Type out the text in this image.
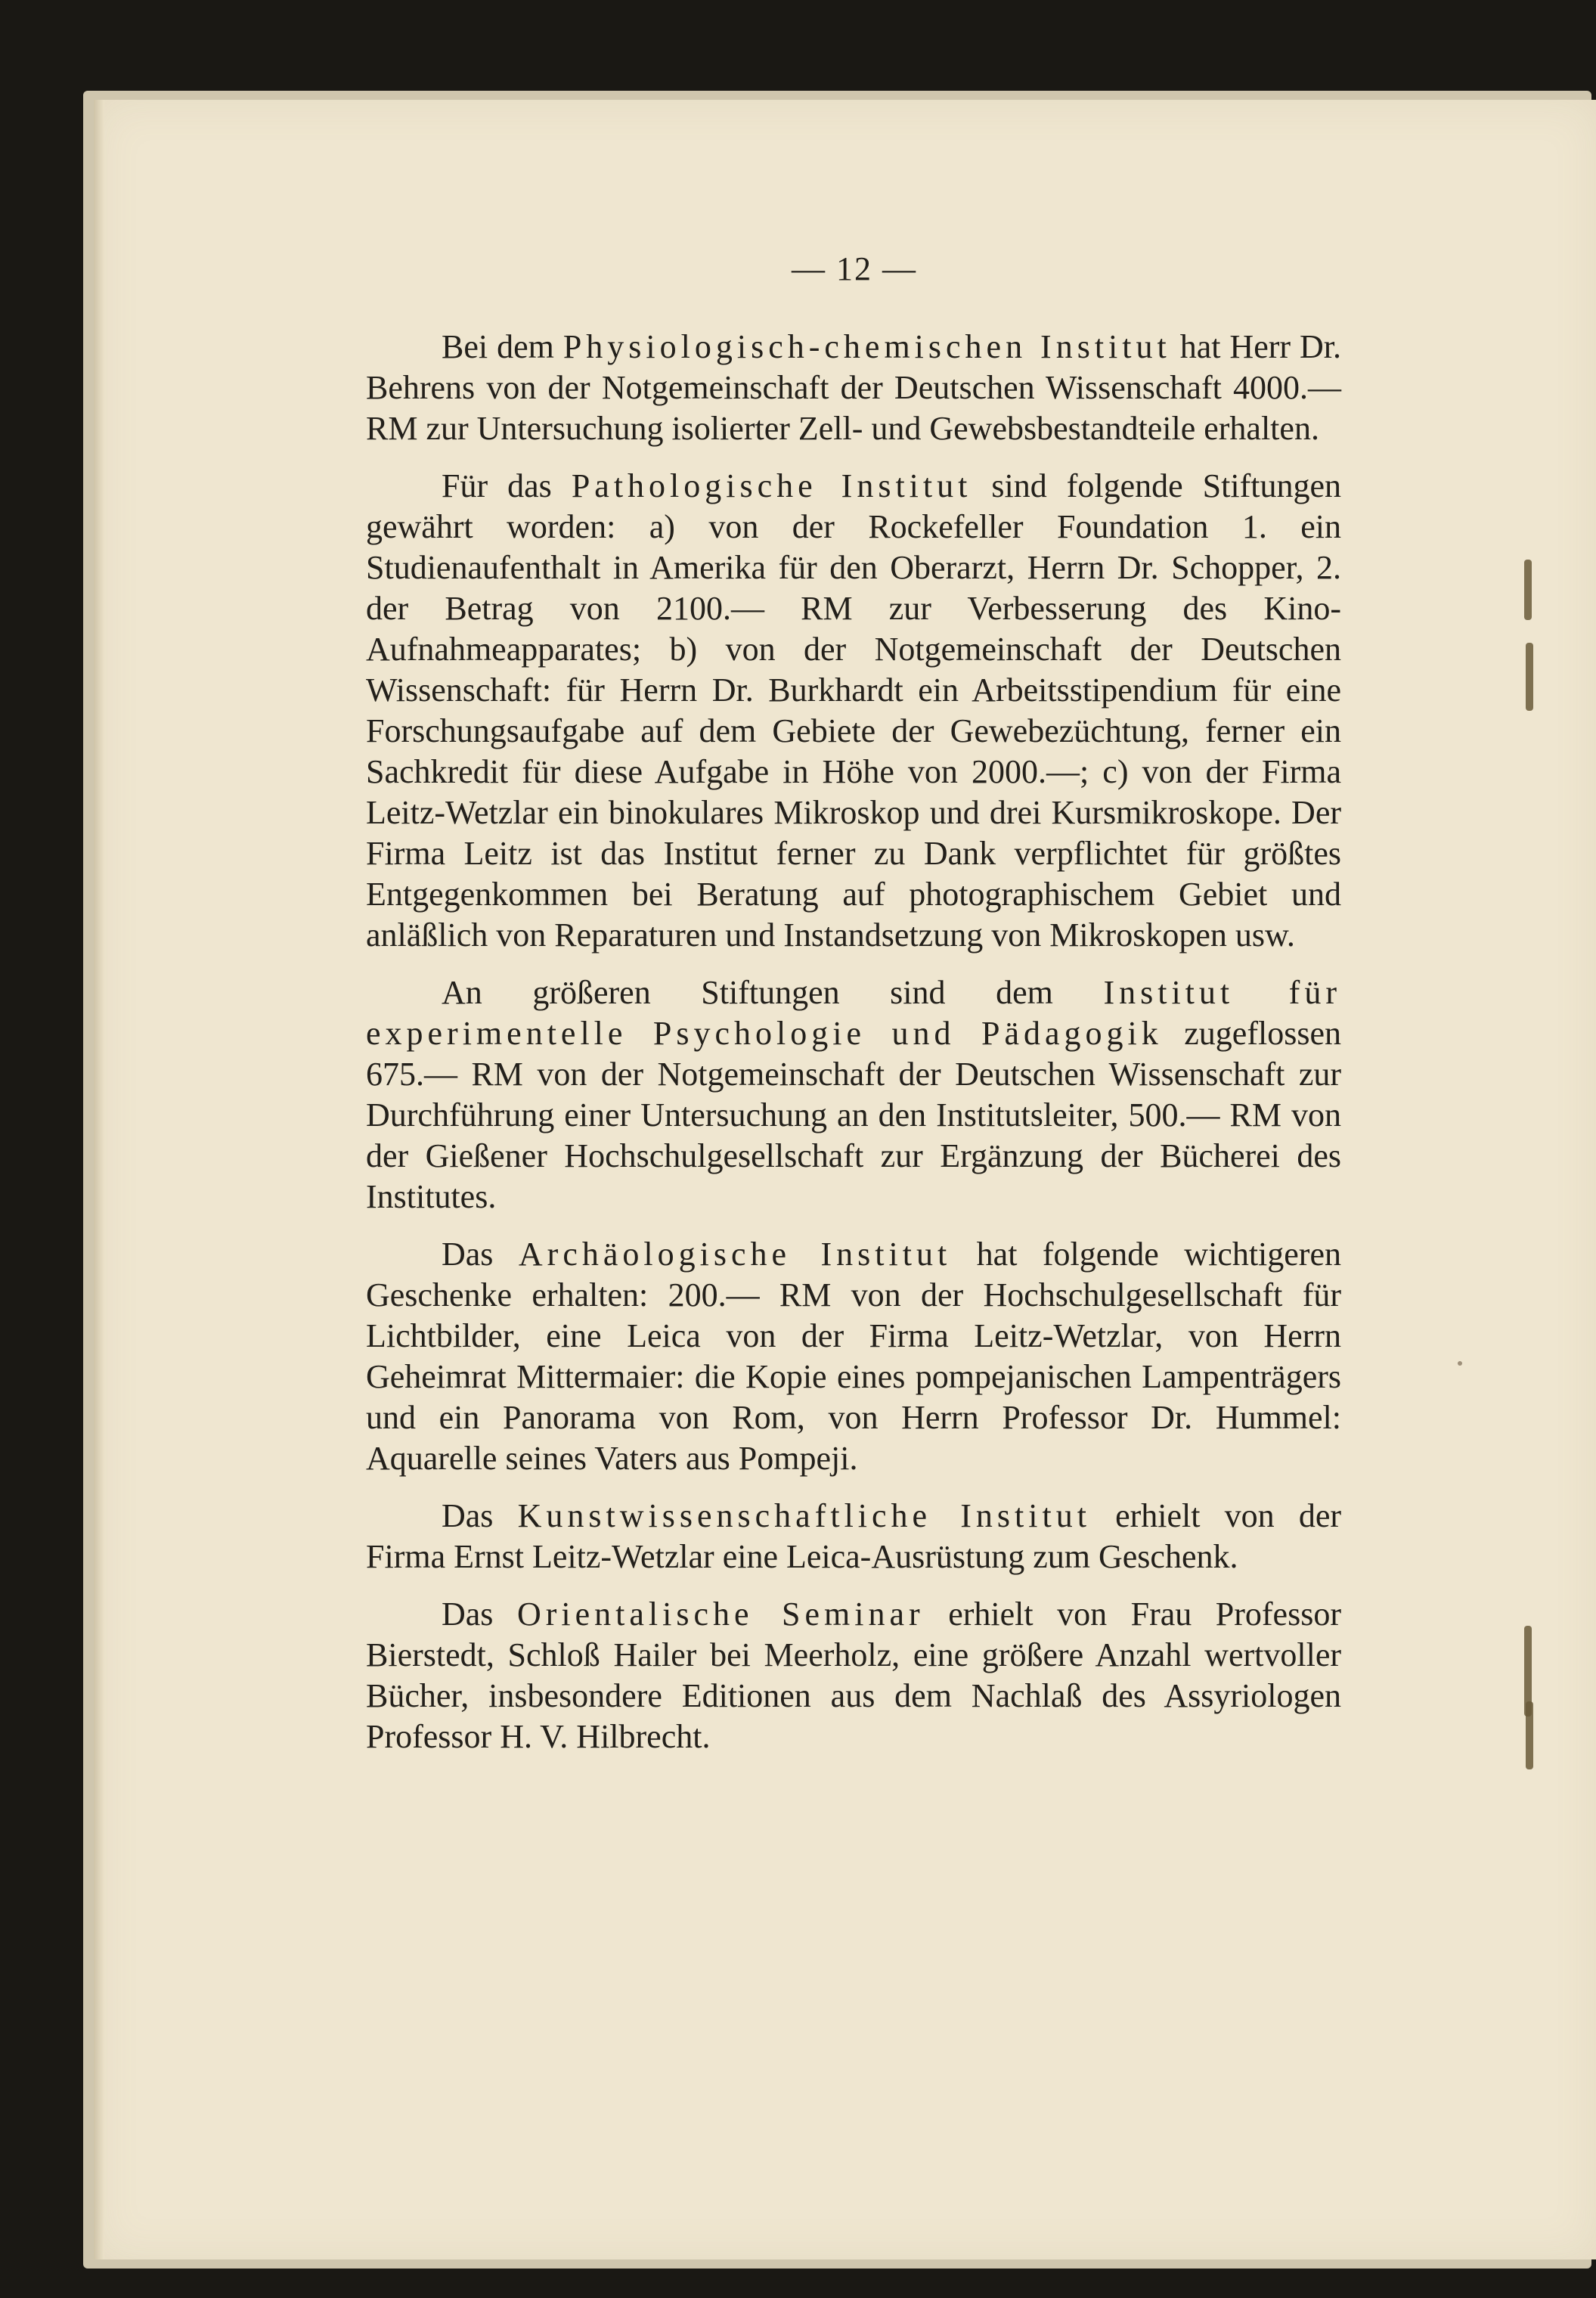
— 12 —

Bei dem Physiologisch-chemischen Institut hat Herr Dr. Behrens von der Notgemeinschaft der Deutschen Wissenschaft 4000.— RM zur Untersuchung isolierter Zell- und Gewebsbestandteile erhalten.

Für das Pathologische Institut sind folgende Stiftungen gewährt worden: a) von der Rockefeller Foundation 1. ein Studienaufenthalt in Amerika für den Oberarzt, Herrn Dr. Schopper, 2. der Betrag von 2100.— RM zur Verbesserung des Kino-Aufnahmeapparates; b) von der Notgemeinschaft der Deutschen Wissenschaft: für Herrn Dr. Burkhardt ein Arbeitsstipendium für eine Forschungsaufgabe auf dem Gebiete der Gewebezüchtung, ferner ein Sachkredit für diese Aufgabe in Höhe von 2000.—; c) von der Firma Leitz-Wetzlar ein binokulares Mikroskop und drei Kursmikroskope. Der Firma Leitz ist das Institut ferner zu Dank verpflichtet für größtes Entgegenkommen bei Beratung auf photographischem Gebiet und anläßlich von Reparaturen und Instandsetzung von Mikroskopen usw.

An größeren Stiftungen sind dem Institut für experimentelle Psychologie und Pädagogik zugeflossen 675.— RM von der Notgemeinschaft der Deutschen Wissenschaft zur Durchführung einer Untersuchung an den Institutsleiter, 500.— RM von der Gießener Hochschulgesellschaft zur Ergänzung der Bücherei des Institutes.

Das Archäologische Institut hat folgende wichtigeren Geschenke erhalten: 200.— RM von der Hochschulgesellschaft für Lichtbilder, eine Leica von der Firma Leitz-Wetzlar, von Herrn Geheimrat Mittermaier: die Kopie eines pompejanischen Lampenträgers und ein Panorama von Rom, von Herrn Professor Dr. Hummel: Aquarelle seines Vaters aus Pompeji.

Das Kunstwissenschaftliche Institut erhielt von der Firma Ernst Leitz-Wetzlar eine Leica-Ausrüstung zum Geschenk.

Das Orientalische Seminar erhielt von Frau Professor Bierstedt, Schloß Hailer bei Meerholz, eine größere Anzahl wertvoller Bücher, insbesondere Editionen aus dem Nachlaß des Assyriologen Professor H. V. Hilbrecht.
